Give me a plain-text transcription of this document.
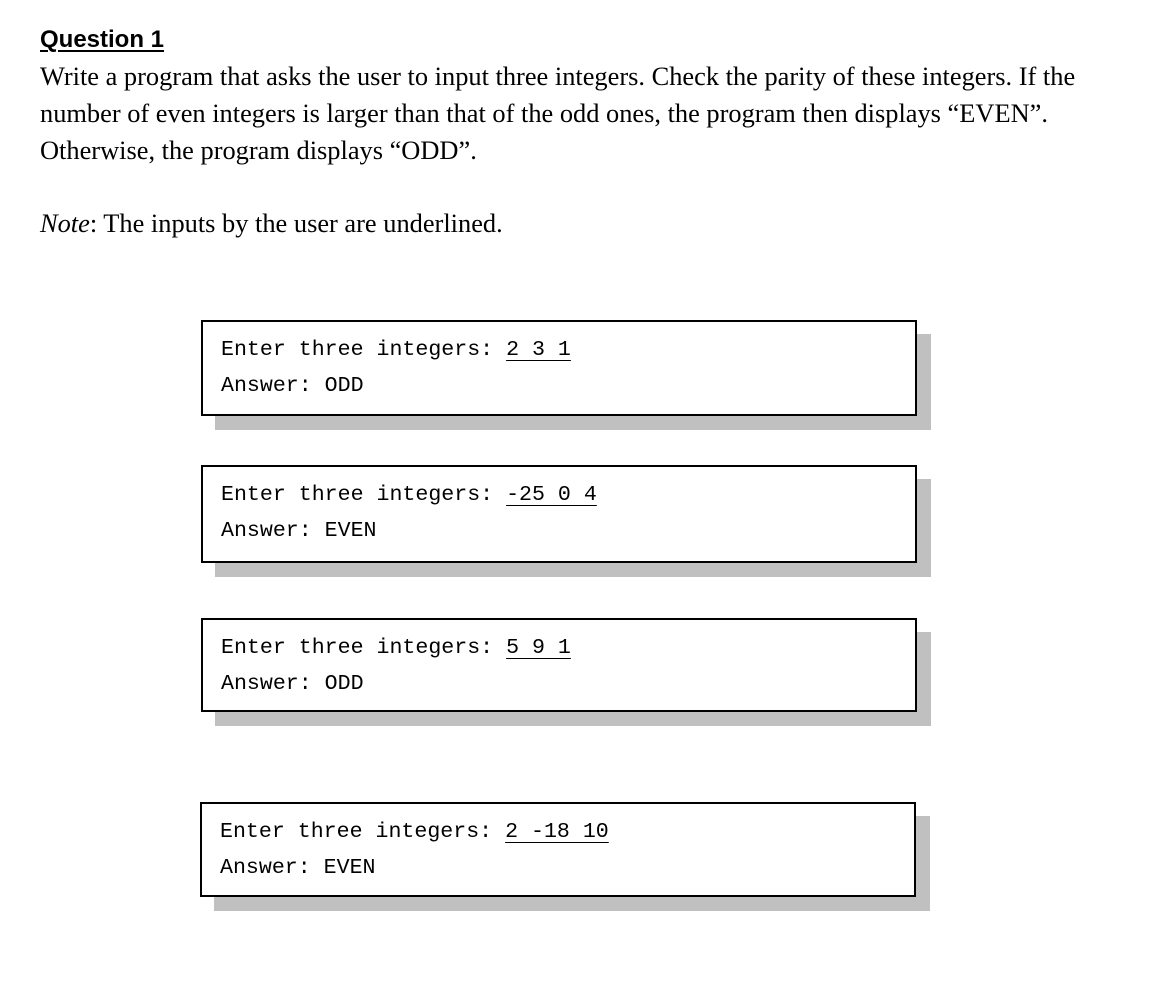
Question 1

Write a program that asks the user to input three integers. Check the parity of these integers. If the number of even integers is larger than that of the odd ones, the program then displays “EVEN”. Otherwise, the program displays “ODD”.

Note: The inputs by the user are underlined.

Enter three integers: 2 3 1
Answer: ODD
Enter three integers: -25 0 4
Answer: EVEN
Enter three integers: 5 9 1
Answer: ODD
Enter three integers: 2 -18 10
Answer: EVEN
